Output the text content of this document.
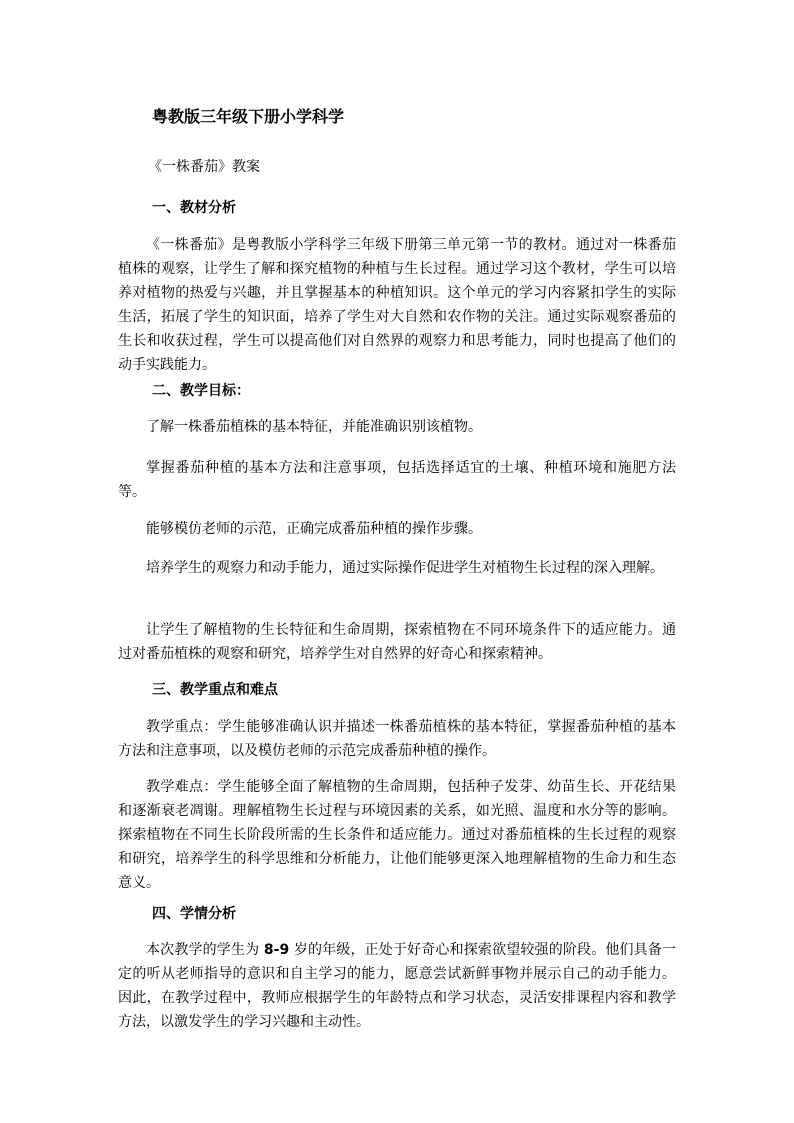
粤教版三年级下册小学科学
《一株番茄》教案
一、教材分析

《一株番茄》是粤教版小学科学三年级下册第三单元第一节的教材。通过对一株番茄植株的观察，让学生了解和探究植物的种植与生长过程。通过学习这个教材，学生可以培养对植物的热爱与兴趣，并且掌握基本的种植知识。这个单元的学习内容紧扣学生的实际生活，拓展了学生的知识面，培养了学生对大自然和农作物的关注。通过实际观察番茄的生长和收获过程，学生可以提高他们对自然界的观察力和思考能力，同时也提高了他们的动手实践能力。

二、教学目标：

了解一株番茄植株的基本特征，并能准确识别该植物。

掌握番茄种植的基本方法和注意事项，包括选择适宜的土壤、种植环境和施肥方法等。

能够模仿老师的示范，正确完成番茄种植的操作步骤。

培养学生的观察力和动手能力，通过实际操作促进学生对植物生长过程的深入理解。

让学生了解植物的生长特征和生命周期，探索植物在不同环境条件下的适应能力。通过对番茄植株的观察和研究，培养学生对自然界的好奇心和探索精神。

三、教学重点和难点

教学重点：学生能够准确认识并描述一株番茄植株的基本特征，掌握番茄种植的基本方法和注意事项，以及模仿老师的示范完成番茄种植的操作。

教学难点：学生能够全面了解植物的生命周期，包括种子发芽、幼苗生长、开花结果和逐渐衰老凋谢。理解植物生长过程与环境因素的关系，如光照、温度和水分等的影响。探索植物在不同生长阶段所需的生长条件和适应能力。通过对番茄植株的生长过程的观察和研究，培养学生的科学思维和分析能力，让他们能够更深入地理解植物的生命力和生态意义。

四、学情分析

本次教学的学生为 8-9 岁的年级，正处于好奇心和探索欲望较强的阶段。他们具备一定的听从老师指导的意识和自主学习的能力，愿意尝试新鲜事物并展示自己的动手能力。因此，在教学过程中，教师应根据学生的年龄特点和学习状态，灵活安排课程内容和教学方法，以激发学生的学习兴趣和主动性。
